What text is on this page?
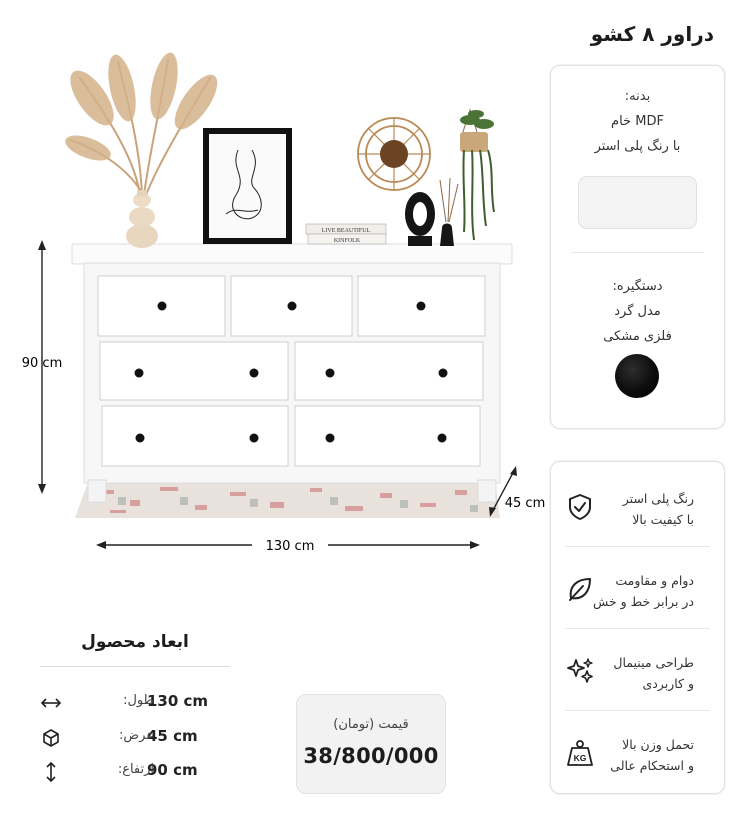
دراور ۸ کشو
LIVE BEAUTIFUL
KINFOLK
90 cm
130 cm
45 cm
بدنه:
MDF خام
با رنگ پلی استر
دستگیره:
مدل گرد
فلزی مشکی
رنگ پلی استر
با کیفیت بالا
دوام و مقاومت
در برابر خط و خش
طراحی مینیمال
و کاربردی
تحمل وزن بالا
و استحکام عالی
KG
ابعاد محصول
130 cm
طول:
45 cm
عرض:
90 cm
ارتفاع:
قیمت (تومان)
38/800/000
